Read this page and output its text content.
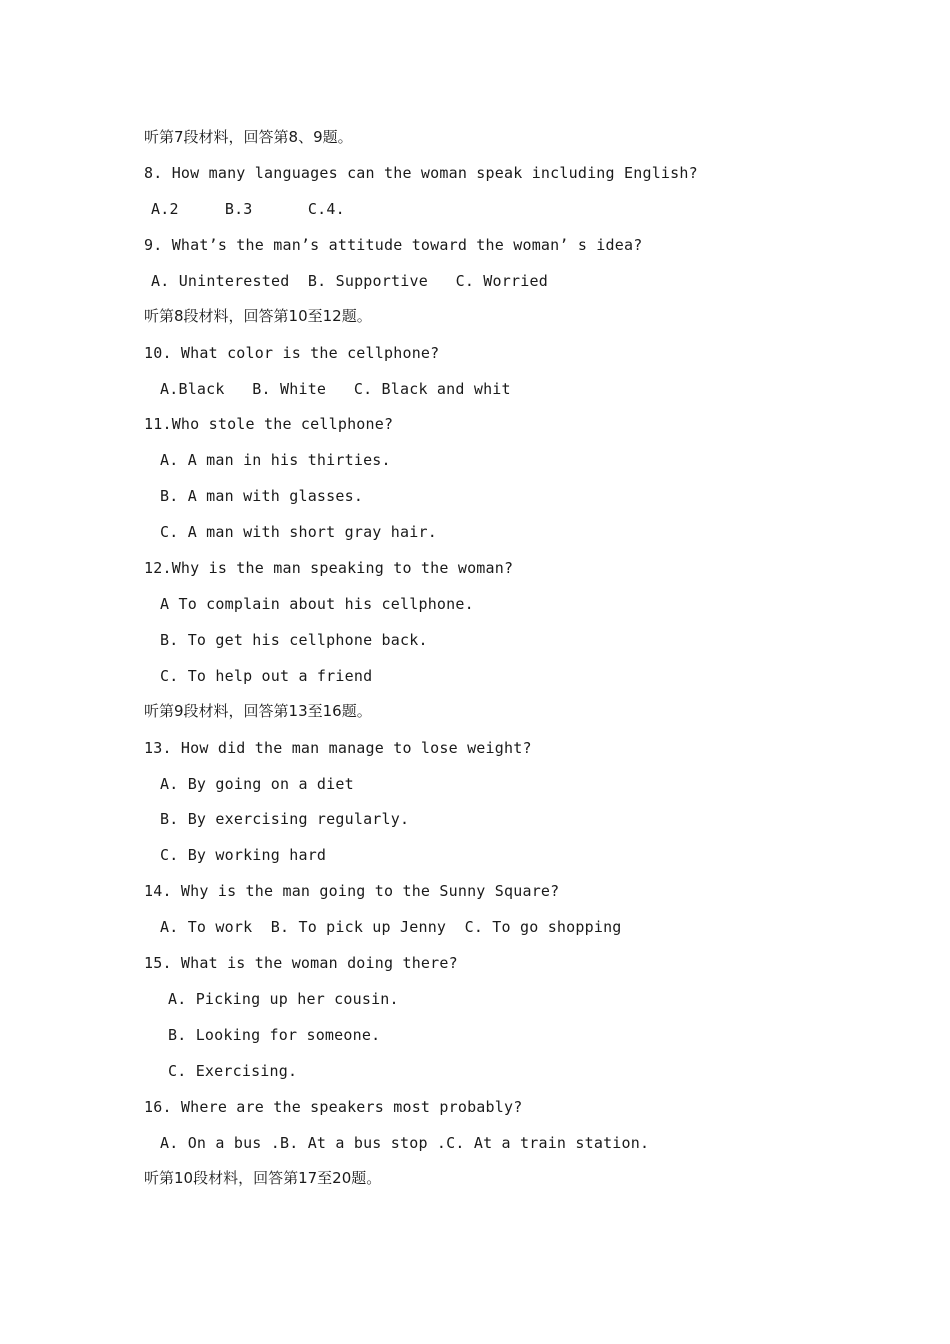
听第7段材料，回答第8、9题。
8. How many languages can the woman speak including English?
A.2     B.3      C.4.
9. What’s the man’s attitude toward the woman’ s idea?
A. Uninterested  B. Supportive   C. Worried
听第8段材料，回答第10至12题。
10. What color is the cellphone?
A.Black   B. White   C. Black and whit
11.Who stole the cellphone?
A. A man in his thirties.
B. A man with glasses.
C. A man with short gray hair.
12.Why is the man speaking to the woman?
A To complain about his cellphone.
B. To get his cellphone back.
C. To help out a friend
听第9段材料，回答第13至16题。
13. How did the man manage to lose weight?
A. By going on a diet
B. By exercising regularly.
C. By working hard
14. Why is the man going to the Sunny Square?
A. To work  B. To pick up Jenny  C. To go shopping
15. What is the woman doing there?
A. Picking up her cousin.
B. Looking for someone.
C. Exercising.
16. Where are the speakers most probably?
A. On a bus .B. At a bus stop .C. At a train station.
听第10段材料，回答第17至20题。
